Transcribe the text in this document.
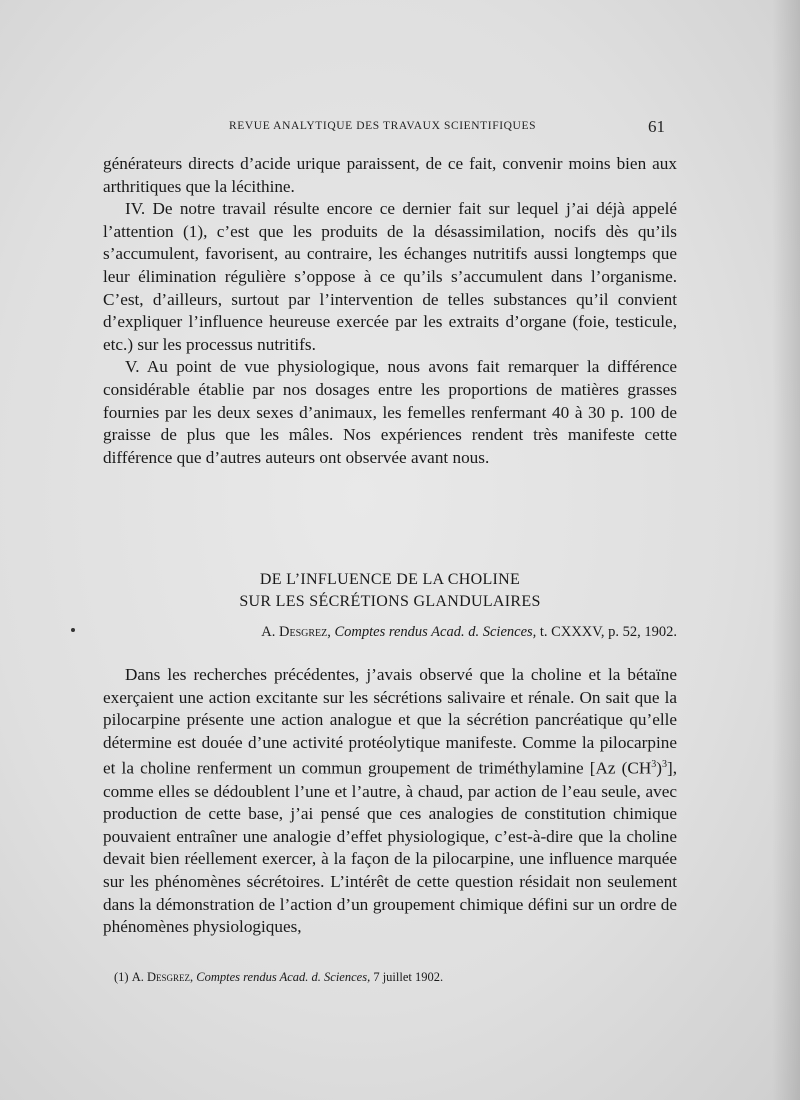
REVUE ANALYTIQUE DES TRAVAUX SCIENTIFIQUES	61

générateurs directs d’acide urique paraissent, de ce fait, convenir moins bien aux arthritiques que la lécithine.

IV. De notre travail résulte encore ce dernier fait sur lequel j’ai déjà appelé l’attention (1), c’est que les produits de la désassimilation, nocifs dès qu’ils s’accumulent, favorisent, au contraire, les échanges nutritifs aussi longtemps que leur élimination régulière s’oppose à ce qu’ils s’accumulent dans l’organisme. C’est, d’ailleurs, surtout par l’intervention de telles substances qu’il convient d’expliquer l’influence heureuse exercée par les extraits d’organe (foie, testicule, etc.) sur les processus nutritifs.

V. Au point de vue physiologique, nous avons fait remarquer la différence considérable établie par nos dosages entre les proportions de matières grasses fournies par les deux sexes d’animaux, les femelles renfermant 40 à 30 p. 100 de graisse de plus que les mâles. Nos expériences rendent très manifeste cette différence que d’autres auteurs ont observée avant nous.

DE L’INFLUENCE DE LA CHOLINE
SUR LES SÉCRÉTIONS GLANDULAIRES
A. Desgrez, Comptes rendus Acad. d. Sciences, t. CXXXV, p. 52, 1902.

Dans les recherches précédentes, j’avais observé que la choline et la bétaïne exerçaient une action excitante sur les sécrétions salivaire et rénale. On sait que la pilocarpine présente une action analogue et que la sécrétion pancréatique qu’elle détermine est douée d’une activité protéolytique manifeste. Comme la pilocarpine et la choline renferment un commun groupement de triméthylamine [Az $(CH^3)^3$], comme elles se dédoublent l’une et l’autre, à chaud, par action de l’eau seule, avec production de cette base, j’ai pensé que ces analogies de constitution chimique pouvaient entraîner une analogie d’effet physiologique, c’est-à-dire que la choline devait bien réellement exercer, à la façon de la pilocarpine, une influence marquée sur les phénomènes sécrétoires. L’intérêt de cette question résidait non seulement dans la démonstration de l’action d’un groupement chimique défini sur un ordre de phénomènes physiologiques,

(1) A. Desgrez, Comptes rendus Acad. d. Sciences, 7 juillet 1902.
